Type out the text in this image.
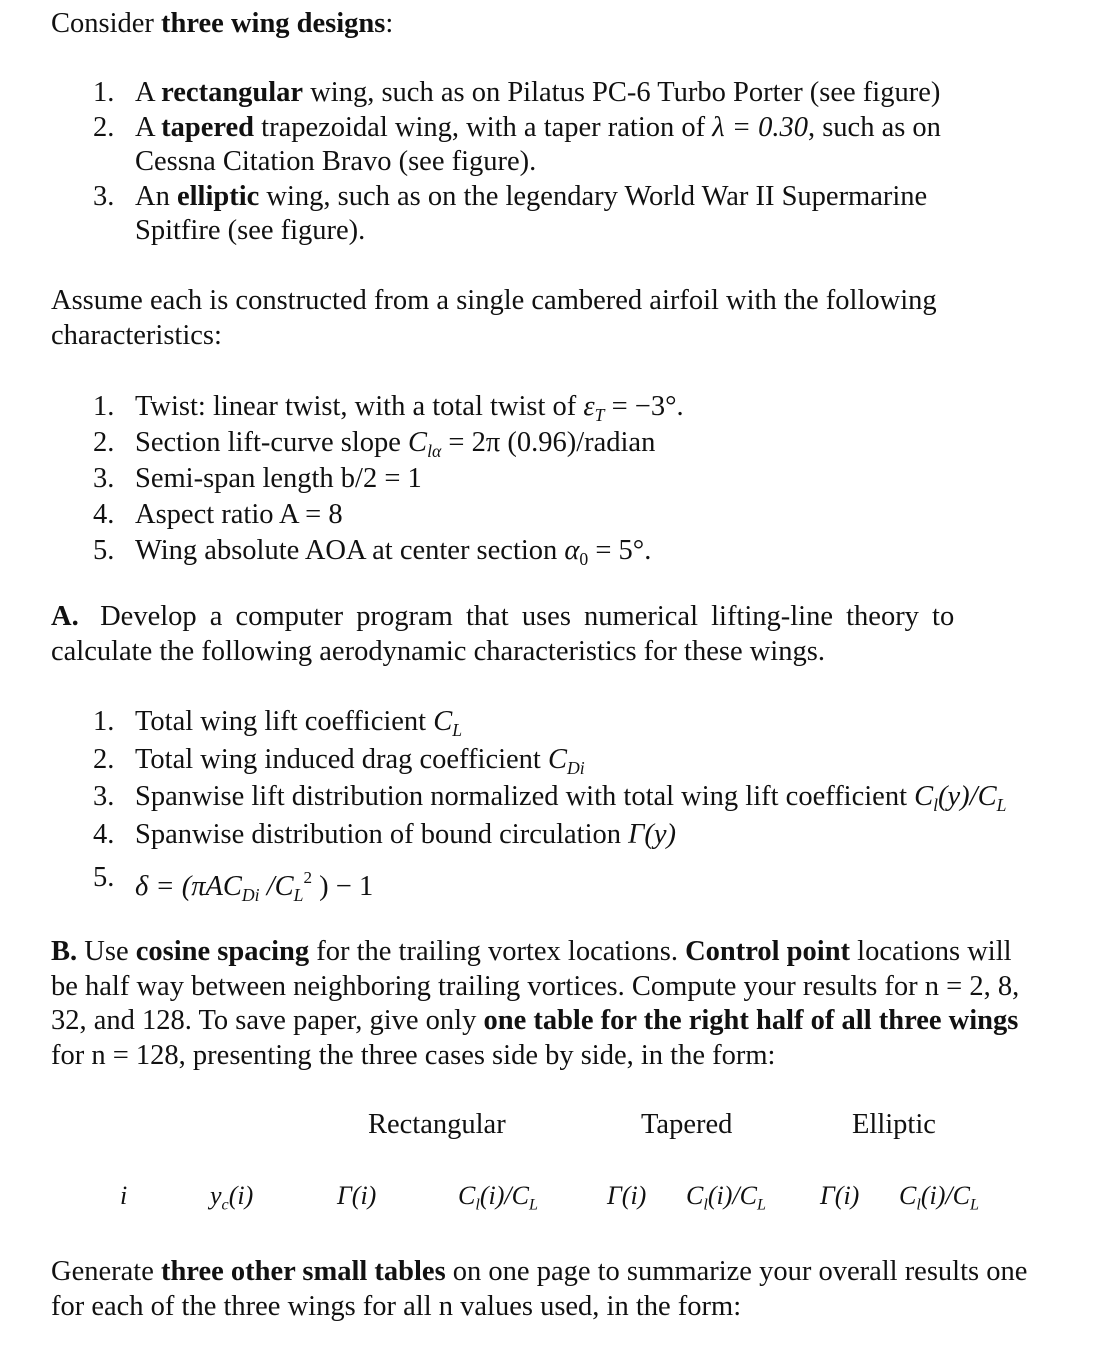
Consider three wing designs:

1. A rectangular wing, such as on Pilatus PC-6 Turbo Porter (see figure)
2. A tapered trapezoidal wing, with a taper ration of λ = 0.30, such as on
Cessna Citation Bravo (see figure).
3. An elliptic wing, such as on the legendary World War II Supermarine
Spitfire (see figure).

Assume each is constructed from a single cambered airfoil with the following
characteristics:

1. Twist: linear twist, with a total twist of $\varepsilon_T = -3^\circ$.
2. Section lift-curve slope $C_{l\alpha} = 2\pi$ (0.96)/radian
3. Semi-span length b/2 = 1
4. Aspect ratio A = 8
5. Wing absolute AOA at center section $\alpha_0 = 5^\circ$.

A. Develop a computer program that uses numerical lifting-line theory to
calculate the following aerodynamic characteristics for these wings.

1. Total wing lift coefficient $C_L$
2. Total wing induced drag coefficient $C_{Di}$
3. Spanwise lift distribution normalized with total wing lift coefficient $C_l(y)/C_L$
4. Spanwise distribution of bound circulation Γ(y)
5. δ = (πAC$_{Di}$ $/C_L^2$ ) − 1

B. Use cosine spacing for the trailing vortex locations. Control point locations will
be half way between neighboring trailing vortices. Compute your results for n = 2, 8,
32, and 128. To save paper, give only one table for the right half of all three wings
for n = 128, presenting the three cases side by side, in the form:

Rectangular	Tapered	Elliptic
i	$y_c(i)$	Γ(i)	$C_l(i)/C_L$	Γ(i) $C_l(i)/C_L$ Γ(i) $C_l(i)/C_L$

Generate three other small tables on one page to summarize your overall results one
for each of the three wings for all n values used, in the form:
